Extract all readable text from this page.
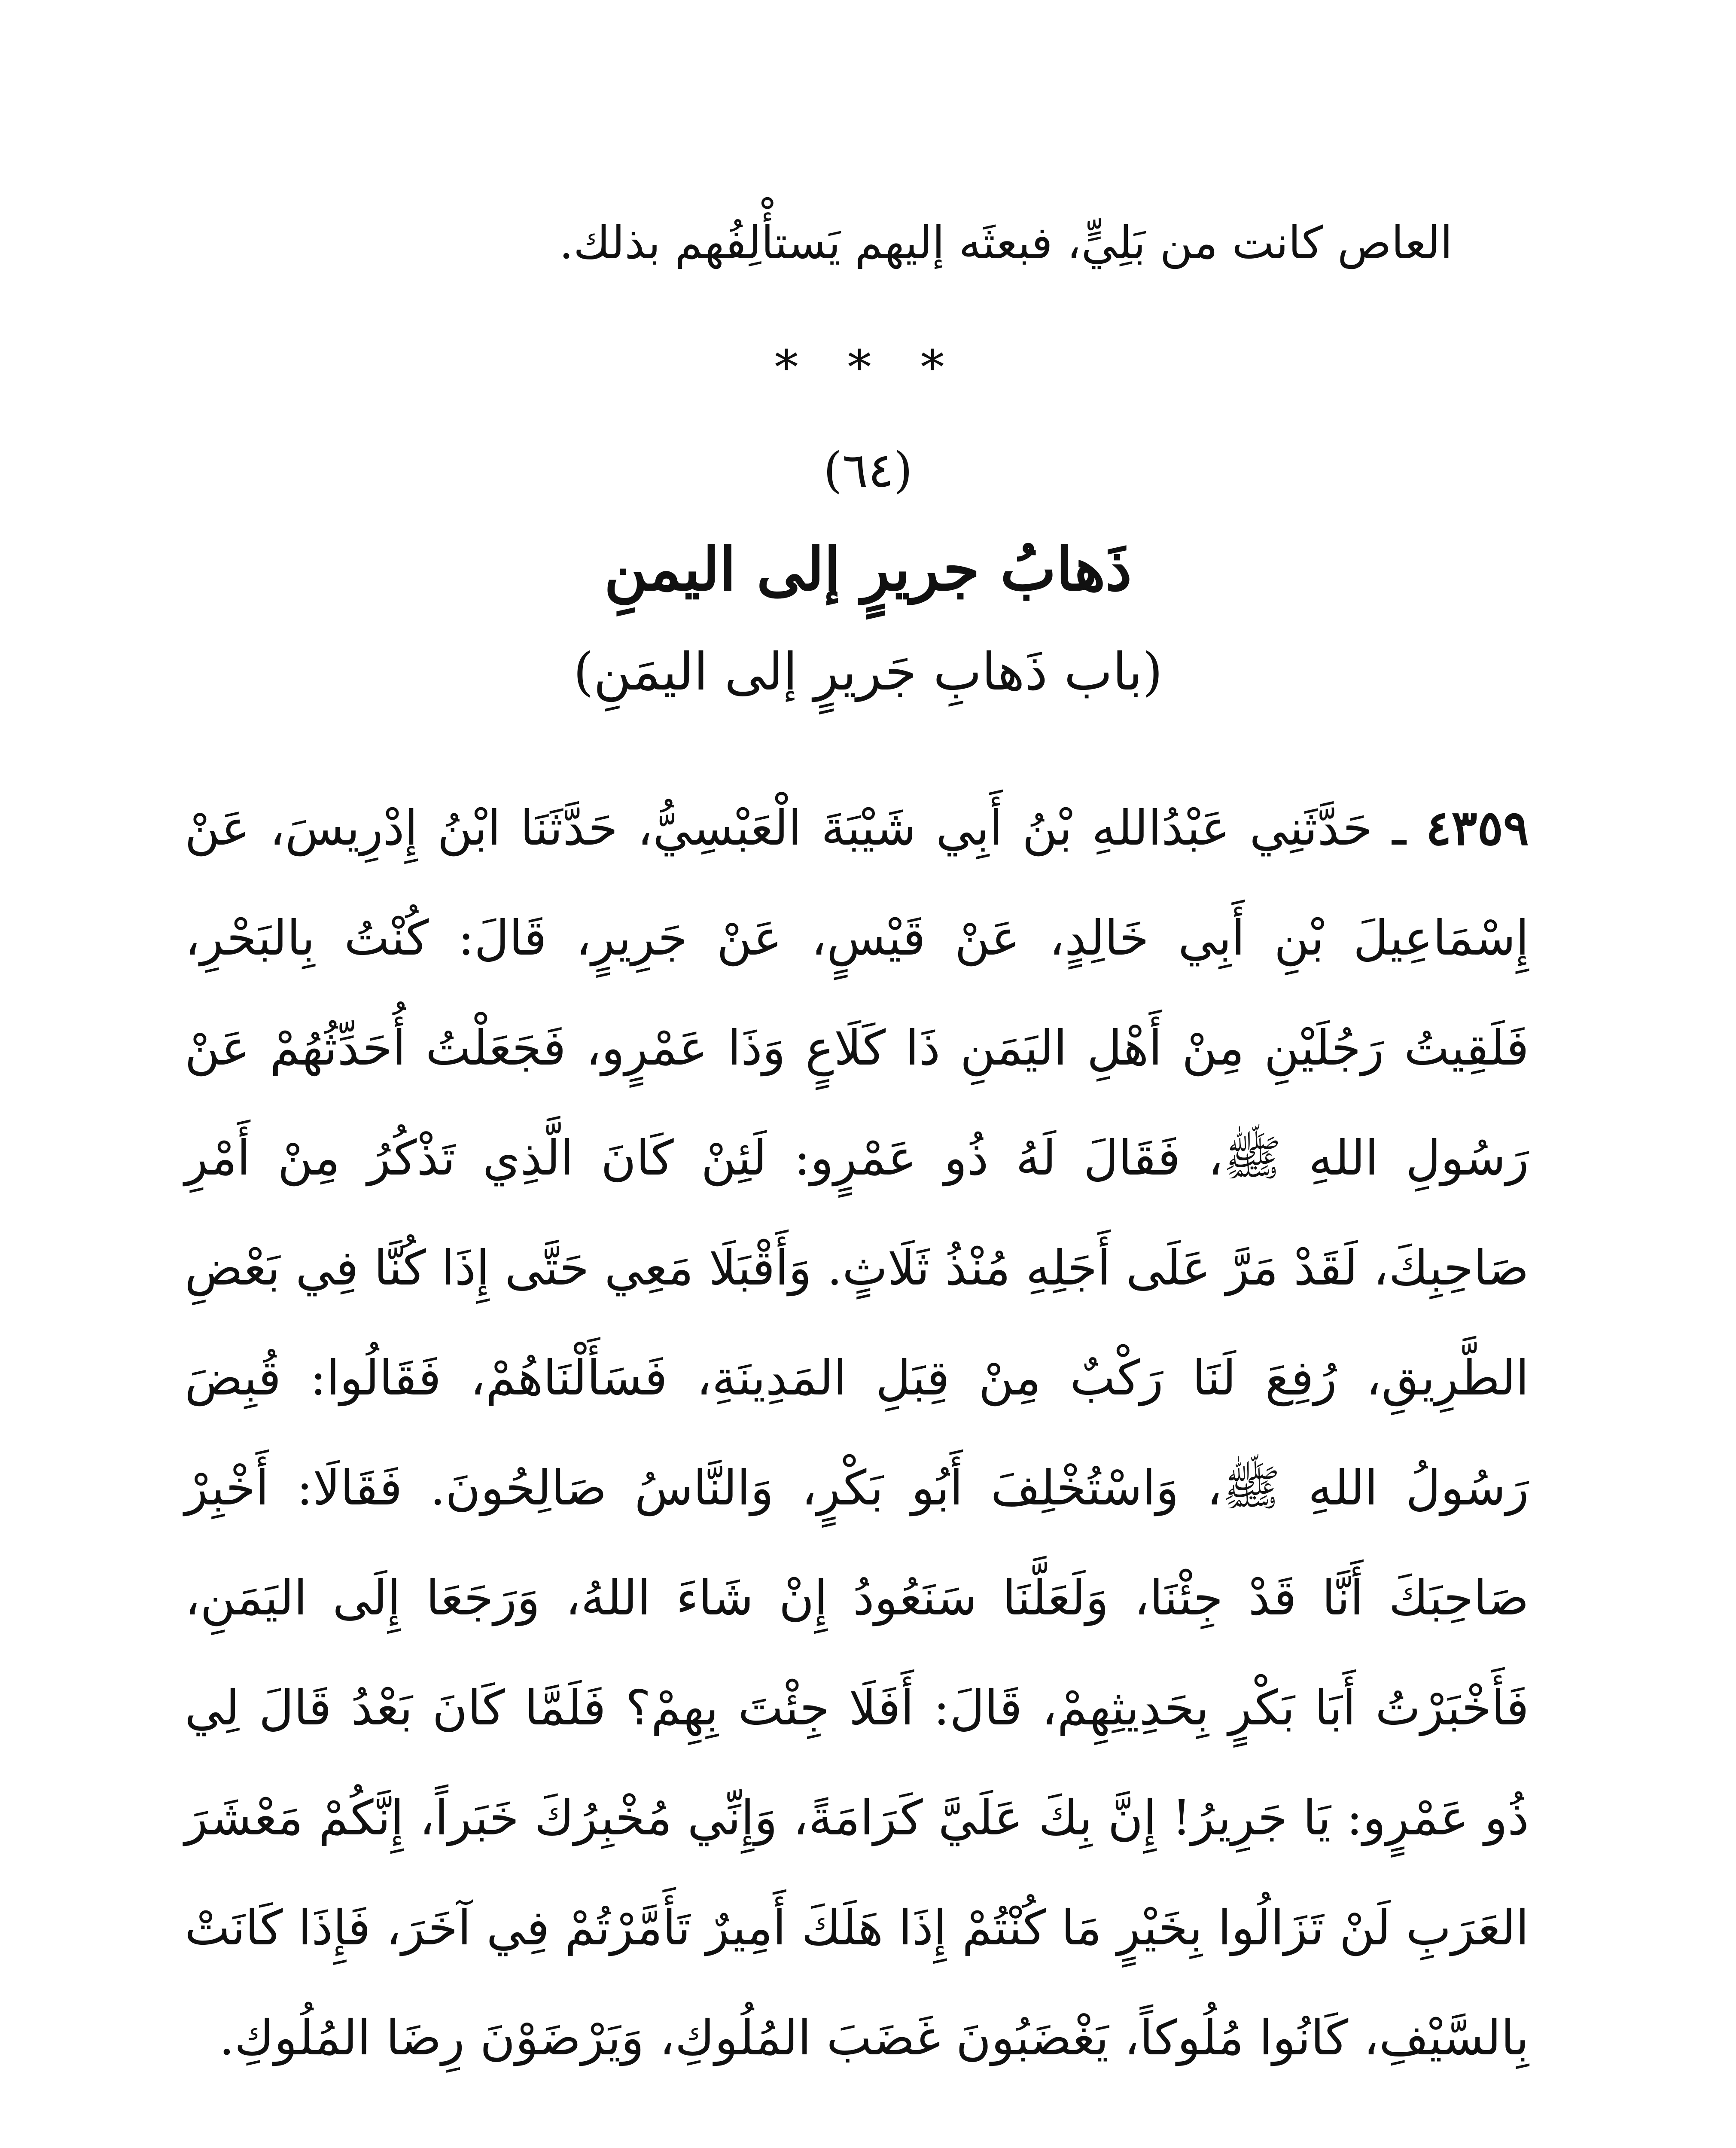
العاص كانت من بَلِيٍّ، فبعثَه إليهم يَستأْلِفُهم بذلك.
* * *
(٦٤)
ذَهابُ جريرٍ إلى اليمنِ
(باب ذَهابِ جَريرٍ إلى اليمَنِ)
٤٣٥٩ ـ حَدَّثَنِي عَبْدُاللهِ بْنُ أَبِي شَيْبَةَ الْعَبْسِيُّ، حَدَّثَنَا ابْنُ إِدْرِيسَ، عَنْ إِسْمَاعِيلَ بْنِ أَبِي خَالِدٍ، عَنْ قَيْسٍ، عَنْ جَرِيرٍ، قَالَ: كُنْتُ بِالبَحْرِ، فَلَقِيتُ رَجُلَيْنِ مِنْ أَهْلِ اليَمَنِ ذَا كَلَاعٍ وَذَا عَمْرٍو، فَجَعَلْتُ أُحَدِّثُهُمْ عَنْ رَسُولِ اللهِ ﷺ، فَقَالَ لَهُ ذُو عَمْرٍو: لَئِنْ كَانَ الَّذِي تَذْكُرُ مِنْ أَمْرِ صَاحِبِكَ، لَقَدْ مَرَّ عَلَى أَجَلِهِ مُنْذُ ثَلَاثٍ. وَأَقْبَلَا مَعِي حَتَّى إِذَا كُنَّا فِي بَعْضِ الطَّرِيقِ، رُفِعَ لَنَا رَكْبٌ مِنْ قِبَلِ المَدِينَةِ، فَسَأَلْنَاهُمْ، فَقَالُوا: قُبِضَ رَسُولُ اللهِ ﷺ، وَاسْتُخْلِفَ أَبُو بَكْرٍ، وَالنَّاسُ صَالِحُونَ. فَقَالَا: أَخْبِرْ صَاحِبَكَ أَنَّا قَدْ جِئْنَا، وَلَعَلَّنَا سَنَعُودُ إِنْ شَاءَ اللهُ، وَرَجَعَا إِلَى اليَمَنِ، فَأَخْبَرْتُ أَبَا بَكْرٍ بِحَدِيثِهِمْ، قَالَ: أَفَلَا جِئْتَ بِهِمْ؟ فَلَمَّا كَانَ بَعْدُ قَالَ لِي ذُو عَمْرٍو: يَا جَرِيرُ! إِنَّ بِكَ عَلَيَّ كَرَامَةً، وَإِنِّي مُخْبِرُكَ خَبَراً، إِنَّكُمْ مَعْشَرَ العَرَبِ لَنْ تَزَالُوا بِخَيْرٍ مَا كُنْتُمْ إِذَا هَلَكَ أَمِيرٌ تَأَمَّرْتُمْ فِي آخَرَ، فَإِذَا كَانَتْ بِالسَّيْفِ، كَانُوا مُلُوكاً، يَغْضَبُونَ غَضَبَ المُلُوكِ، وَيَرْضَوْنَ رِضَا المُلُوكِ.
